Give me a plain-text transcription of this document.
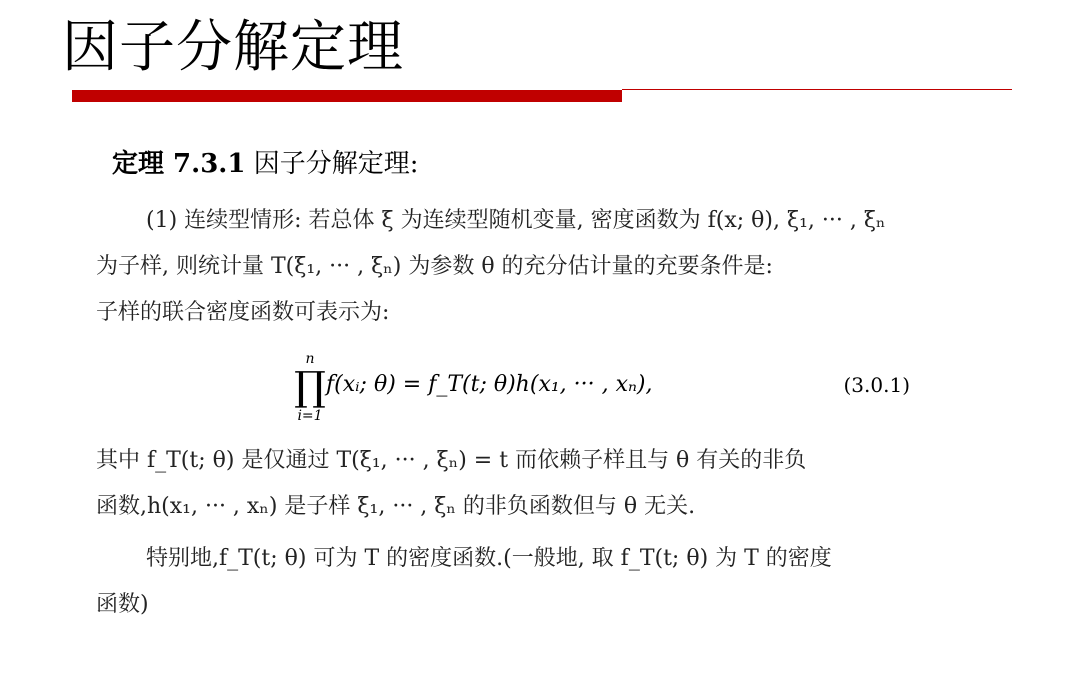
因子分解定理
定理 7.3.1 因子分解定理:
(1) 连续型情形: 若总体 ξ 为连续型随机变量, 密度函数为 f(x; θ), ξ₁, ··· , ξₙ
为子样, 则统计量 T(ξ₁, ··· , ξₙ) 为参数 θ 的充分估计量的充要条件是:
子样的联合密度函数可表示为:
n
∏
i=1
f(xᵢ; θ) = f_T(t; θ)h(x₁, ··· , xₙ),	(3.0.1)
其中 f_T(t; θ) 是仅通过 T(ξ₁, ··· , ξₙ) = t 而依赖子样且与 θ 有关的非负
函数,h(x₁, ··· , xₙ) 是子样 ξ₁, ··· , ξₙ 的非负函数但与 θ 无关.
特别地,f_T(t; θ) 可为 T 的密度函数.(一般地, 取 f_T(t; θ) 为 T 的密度
函数)
